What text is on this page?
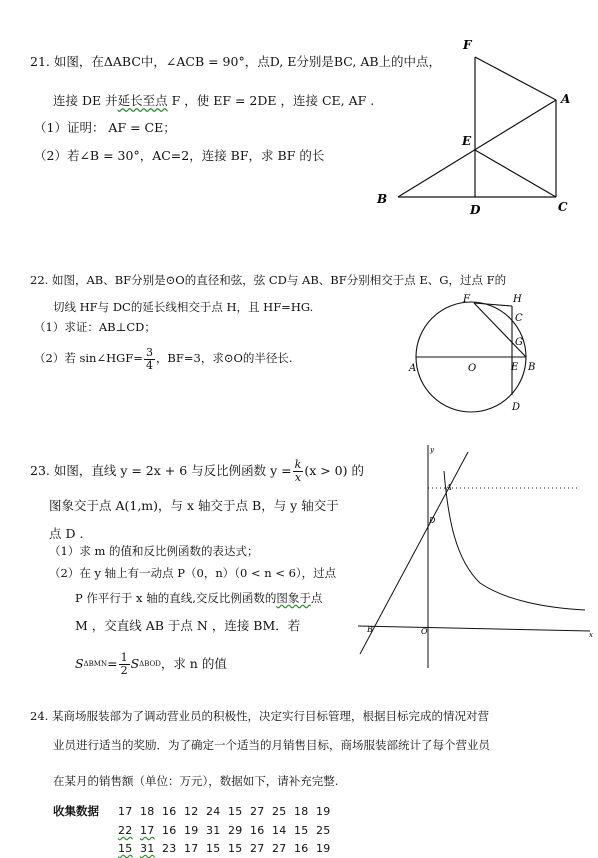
21. 如图，在ΔABC中，∠ACB = 90°，点D, E分别是BC, AB上的中点，
连接 DE 并延长至点 F ，使 EF = 2DE ，连接 CE, AF .
（1）证明： AF = CE；
（2）若∠B = 30°，AC=2，连接 BF，求 BF 的长
F
A
E
B
D	C
22. 如图，AB、BF分别是⊙O的直径和弦，弦 CD与 AB、BF分别相交于点 E、G，过点 F的
切线 HF与 DC的延长线相交于点 H，且 HF=HG.
（1）求证：AB⊥CD；
（2）若 sin∠HGF= $\frac{3}{4}$ ，BF=3，求⊙O的半径长.
F	H
C
G
A	O	E B
D
23. 如图，直线 y = 2x + 6 与反比例函数 $y = \frac{k}{x} (x > 0)$ 的
图象交于点 A(1,m)，与 x 轴交于点 B，与 y 轴交于
点 D .
（1）求 m 的值和反比例函数的表达式；
（2）在 y 轴上有一动点 P（0，n）（0 < n < 6），过点
P 作平行于 x 轴的直线,交反比例函数的图象于点
M ，交直线 AB 于点 N ，连接 BM．若
S $\Delta BMN = \frac{1}{2}$ S ΔBOD ，求 n 的值
y
A
D
B	O	x
24. 某商场服装部为了调动营业员的积极性，决定实行目标管理，根据目标完成的情况对营
业员进行适当的奖励．为了确定一个适当的月销售目标，商场服装部统计了每个营业员
在某月的销售额（单位：万元），数据如下，请补充完整.
收集数据 17 18 16 12 24 15 27 25 18 19
22 17 16 19 31 29 16 14 15 25
15 31 23 17 15 15 27 27 16 19
